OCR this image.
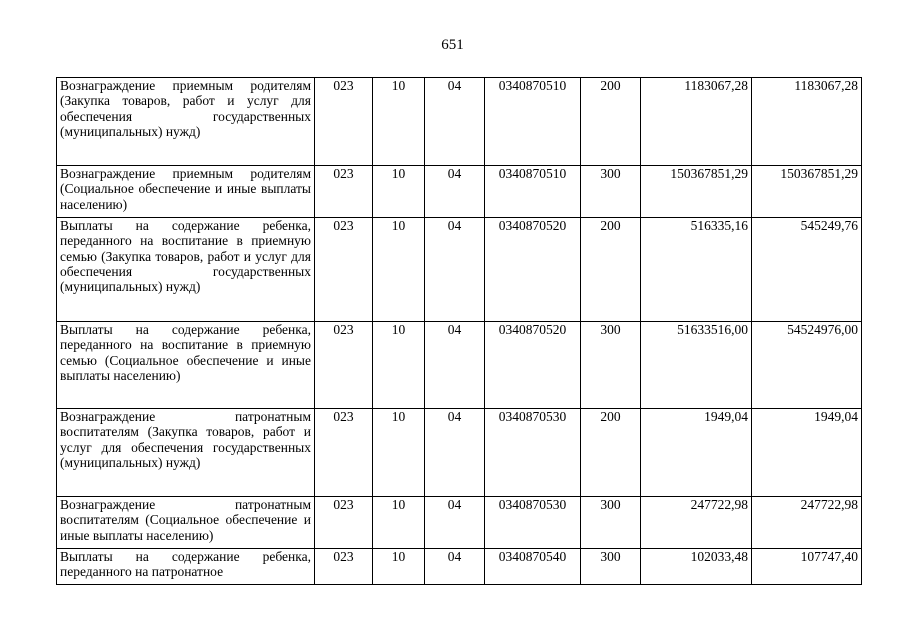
651
Вознаграждение приемным родителям (Закупка товаров, работ и услуг для обеспечения государственных (муниципальных) нужд)	023	10	04	0340870510	200	1183067,28	1183067,28
Вознаграждение приемным родителям (Социальное обеспечение и иные выплаты населению)	023	10	04	0340870510	300	150367851,29	150367851,29
Выплаты на содержание ребенка, переданного на воспитание в приемную семью (Закупка товаров, работ и услуг для обеспечения государственных (муниципальных) нужд)	023	10	04	0340870520	200	516335,16	545249,76
Выплаты на содержание ребенка, переданного на воспитание в приемную семью (Социальное обеспечение и иные выплаты населению)	023	10	04	0340870520	300	51633516,00	54524976,00
Вознаграждение патронатным воспитателям (Закупка товаров, работ и услуг для обеспечения государственных (муниципальных) нужд)	023	10	04	0340870530	200	1949,04	1949,04
Вознаграждение патронатным воспитателям (Социальное обеспечение и иные выплаты населению)	023	10	04	0340870530	300	247722,98	247722,98
Выплаты на содержание ребенка, переданного на патронатное	023	10	04	0340870540	300	102033,48	107747,40
